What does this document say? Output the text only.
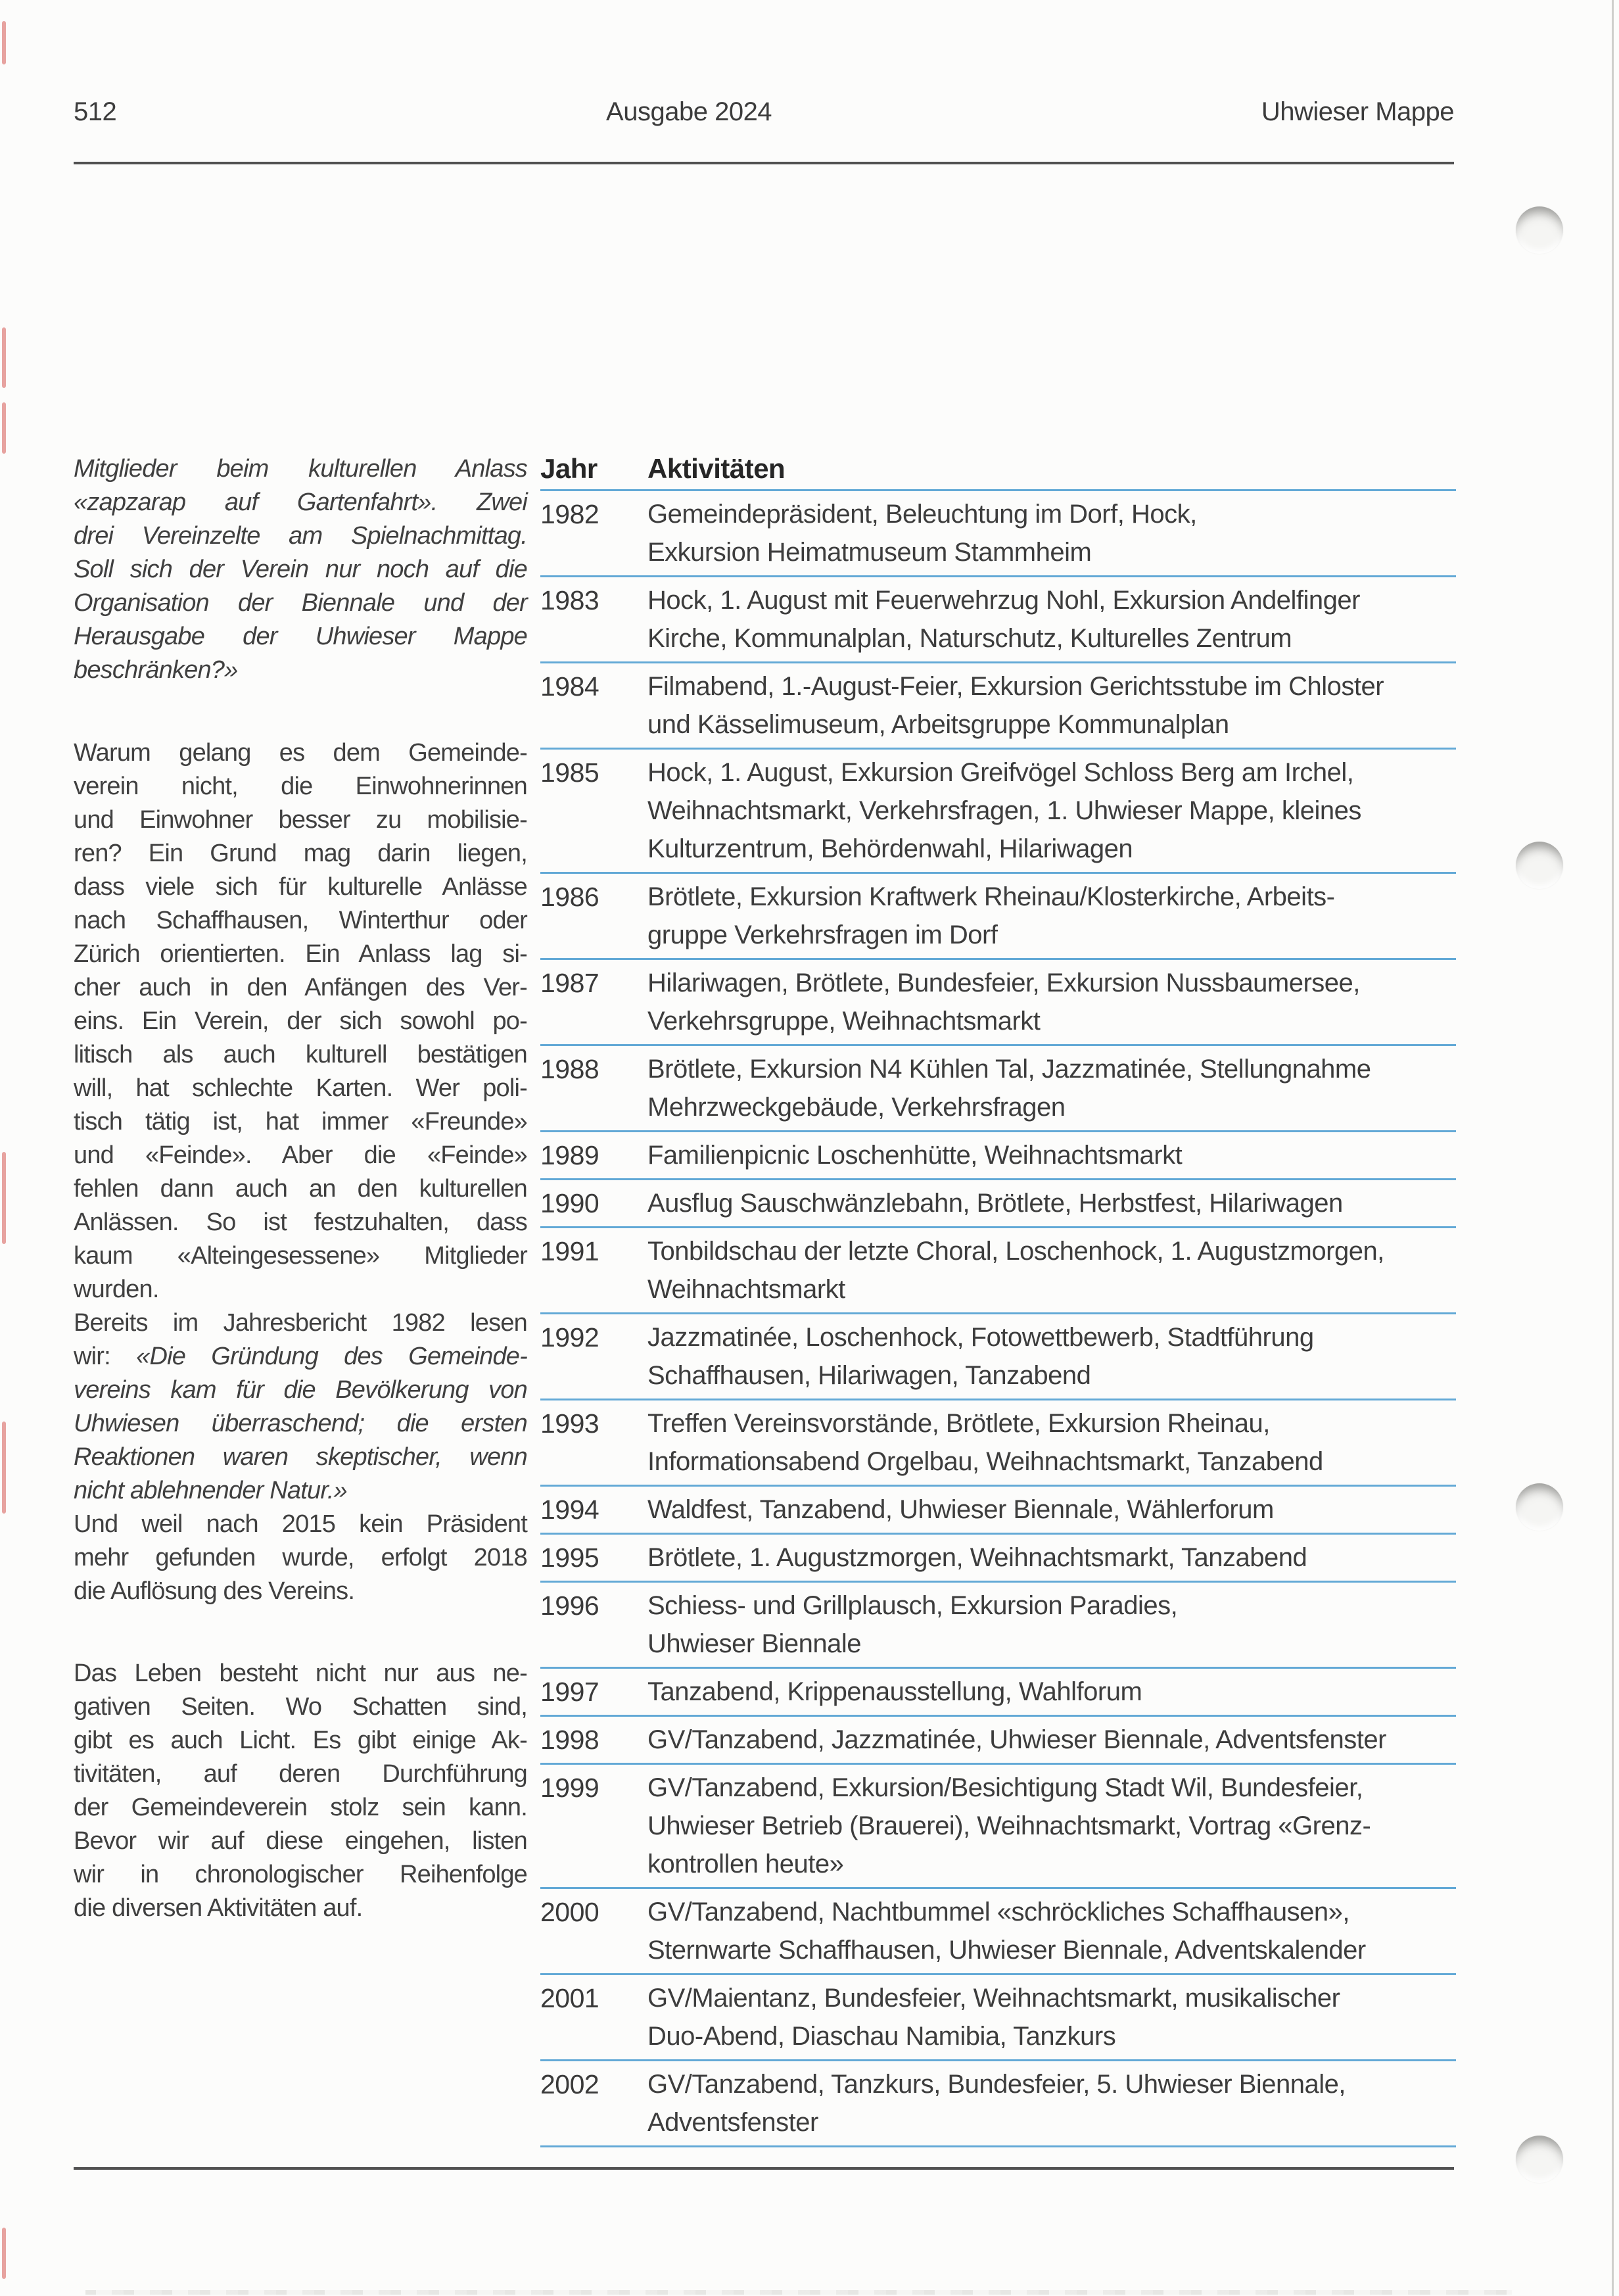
512	Ausgabe 2024	Uhwieser Mappe
Mitglieder beim kulturellen Anlass
«zapzarap auf Gartenfahrt». Zwei
drei Vereinzelte am Spielnachmittag.
Soll sich der Verein nur noch auf die
Organisation der Biennale und der
Herausgabe der Uhwieser Mappe
beschränken?»
Warum gelang es dem Gemeinde-
verein nicht, die Einwohnerinnen
und Einwohner besser zu mobilisie-
ren? Ein Grund mag darin liegen,
dass viele sich für kulturelle Anlässe
nach Schaffhausen, Winterthur oder
Zürich orientierten. Ein Anlass lag si-
cher auch in den Anfängen des Ver-
eins. Ein Verein, der sich sowohl po-
litisch als auch kulturell bestätigen
will, hat schlechte Karten. Wer poli-
tisch tätig ist, hat immer «Freunde»
und «Feinde». Aber die «Feinde»
fehlen dann auch an den kulturellen
Anlässen. So ist festzuhalten, dass
kaum «Alteingesessene» Mitglieder
wurden.
Bereits im Jahresbericht 1982 lesen
wir: «Die Gründung des Gemeinde-
vereins kam für die Bevölkerung von
Uhwiesen überraschend; die ersten
Reaktionen waren skeptischer, wenn
nicht ablehnender Natur.»
Und weil nach 2015 kein Präsident
mehr gefunden wurde, erfolgt 2018
die Auflösung des Vereins.
Das Leben besteht nicht nur aus ne-
gativen Seiten. Wo Schatten sind,
gibt es auch Licht. Es gibt einige Ak-
tivitäten, auf deren Durchführung
der Gemeindeverein stolz sein kann.
Bevor wir auf diese eingehen, listen
wir in chronologischer Reihenfolge
die diversen Aktivitäten auf.
Jahr	Aktivitäten
1982	Gemeindepräsident, Beleuchtung im Dorf, Hock,
Exkursion Heimatmuseum Stammheim
1983	Hock, 1. August mit Feuerwehrzug Nohl, Exkursion Andelfinger
Kirche, Kommunalplan, Naturschutz, Kulturelles Zentrum
1984	Filmabend, 1.-August-Feier, Exkursion Gerichtsstube im Chloster
und Kässelimuseum, Arbeitsgruppe Kommunalplan
1985	Hock, 1. August, Exkursion Greifvögel Schloss Berg am Irchel,
Weihnachtsmarkt, Verkehrsfragen, 1. Uhwieser Mappe, kleines
Kulturzentrum, Behördenwahl, Hilariwagen
1986	Brötlete, Exkursion Kraftwerk Rheinau/Klosterkirche, Arbeits-
gruppe Verkehrsfragen im Dorf
1987	Hilariwagen, Brötlete, Bundesfeier, Exkursion Nussbaumersee,
Verkehrsgruppe, Weihnachtsmarkt
1988	Brötlete, Exkursion N4 Kühlen Tal, Jazzmatinée, Stellungnahme
Mehrzweckgebäude, Verkehrsfragen
1989	Familienpicnic Loschenhütte, Weihnachtsmarkt
1990	Ausflug Sauschwänzlebahn, Brötlete, Herbstfest, Hilariwagen
1991	Tonbildschau der letzte Choral, Loschenhock, 1. Augustzmorgen,
Weihnachtsmarkt
1992	Jazzmatinée, Loschenhock, Fotowettbewerb, Stadtführung
Schaffhausen, Hilariwagen, Tanzabend
1993	Treffen Vereinsvorstände, Brötlete, Exkursion Rheinau,
Informationsabend Orgelbau, Weihnachtsmarkt, Tanzabend
1994	Waldfest, Tanzabend, Uhwieser Biennale, Wählerforum
1995	Brötlete, 1. Augustzmorgen, Weihnachtsmarkt, Tanzabend
1996	Schiess- und Grillplausch, Exkursion Paradies,
Uhwieser Biennale
1997	Tanzabend, Krippenausstellung, Wahlforum
1998	GV/Tanzabend, Jazzmatinée, Uhwieser Biennale, Adventsfenster
1999	GV/Tanzabend, Exkursion/Besichtigung Stadt Wil, Bundesfeier,
Uhwieser Betrieb (Brauerei), Weihnachtsmarkt, Vortrag «Grenz-
kontrollen heute»
2000	GV/Tanzabend, Nachtbummel «schröckliches Schaffhausen»,
Sternwarte Schaffhausen, Uhwieser Biennale, Adventskalender
2001	GV/Maientanz, Bundesfeier, Weihnachtsmarkt, musikalischer
Duo-Abend, Diaschau Namibia, Tanzkurs
2002	GV/Tanzabend, Tanzkurs, Bundesfeier, 5. Uhwieser Biennale,
Adventsfenster
